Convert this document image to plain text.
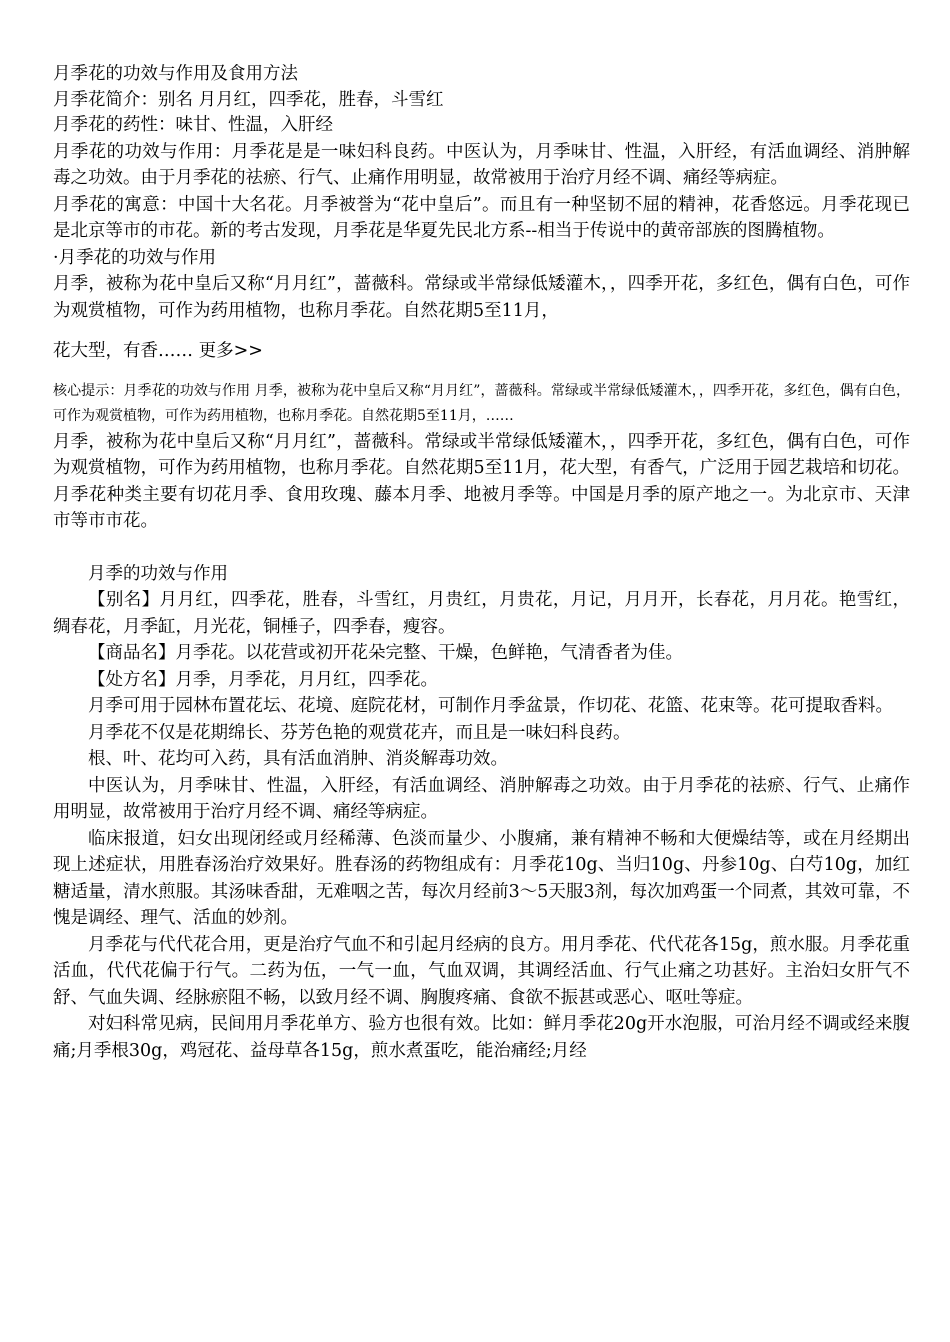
月季花的功效与作用及食用方法

月季花简介：别名 月月红，四季花，胜春，斗雪红

月季花的药性：味甘、性温，入肝经

月季花的功效与作用：月季花是是一味妇科良药。中医认为，月季味甘、性温，入肝经，有活血调经、消肿解毒之功效。由于月季花的祛瘀、行气、止痛作用明显，故常被用于治疗月经不调、痛经等病症。

月季花的寓意：中国十大名花。月季被誉为“花中皇后”。而且有一种坚韧不屈的精神，花香悠远。月季花现已是北京等市的市花。新的考古发现，月季花是华夏先民北方系--相当于传说中的黄帝部族的图腾植物。

·月季花的功效与作用

月季，被称为花中皇后又称“月月红”，蔷薇科。常绿或半常绿低矮灌木，，四季开花，多红色，偶有白色，可作为观赏植物，可作为药用植物，也称月季花。自然花期5至11月，

花大型，有香…… 更多>>

核心提示：月季花的功效与作用 月季，被称为花中皇后又称“月月红”，蔷薇科。常绿或半常绿低矮灌木，，四季开花，多红色，偶有白色，可作为观赏植物，可作为药用植物，也称月季花。自然花期5至11月，……

月季，被称为花中皇后又称“月月红”，蔷薇科。常绿或半常绿低矮灌木，，四季开花，多红色，偶有白色，可作为观赏植物，可作为药用植物，也称月季花。自然花期5至11月，花大型，有香气，广泛用于园艺栽培和切花。月季花种类主要有切花月季、食用玫瑰、藤本月季、地被月季等。中国是月季的原产地之一。为北京市、天津市等市市花。

月季的功效与作用

【别名】月月红，四季花，胜春，斗雪红，月贵红，月贵花，月记，月月开，长春花，月月花。艳雪红，绸春花，月季缸，月光花，铜棰子，四季春，瘦容。

【商品名】月季花。以花营或初开花朵完整、干燥，色鲜艳，气清香者为佳。

【处方名】月季，月季花，月月红，四季花。

月季可用于园林布置花坛、花境、庭院花材，可制作月季盆景，作切花、花篮、花束等。花可提取香料。

月季花不仅是花期绵长、芬芳色艳的观赏花卉，而且是一味妇科良药。

根、叶、花均可入药，具有活血消肿、消炎解毒功效。

中医认为，月季味甘、性温，入肝经，有活血调经、消肿解毒之功效。由于月季花的祛瘀、行气、止痛作用明显，故常被用于治疗月经不调、痛经等病症。

临床报道，妇女出现闭经或月经稀薄、色淡而量少、小腹痛，兼有精神不畅和大便燥结等，或在月经期出现上述症状，用胜春汤治疗效果好。胜春汤的药物组成有：月季花10g、当归10g、丹参10g、白芍10g，加红糖适量，清水煎服。其汤味香甜，无难咽之苦，每次月经前3～5天服3剂，每次加鸡蛋一个同煮，其效可靠，不愧是调经、理气、活血的妙剂。

月季花与代代花合用，更是治疗气血不和引起月经病的良方。用月季花、代代花各15g，煎水服。月季花重活血，代代花偏于行气。二药为伍，一气一血，气血双调，其调经活血、行气止痛之功甚好。主治妇女肝气不舒、气血失调、经脉瘀阻不畅，以致月经不调、胸腹疼痛、食欲不振甚或恶心、呕吐等症。

对妇科常见病，民间用月季花单方、验方也很有效。比如：鲜月季花20g开水泡服，可治月经不调或经来腹痛;月季根30g，鸡冠花、益母草各15g，煎水煮蛋吃，能治痛经;月经
